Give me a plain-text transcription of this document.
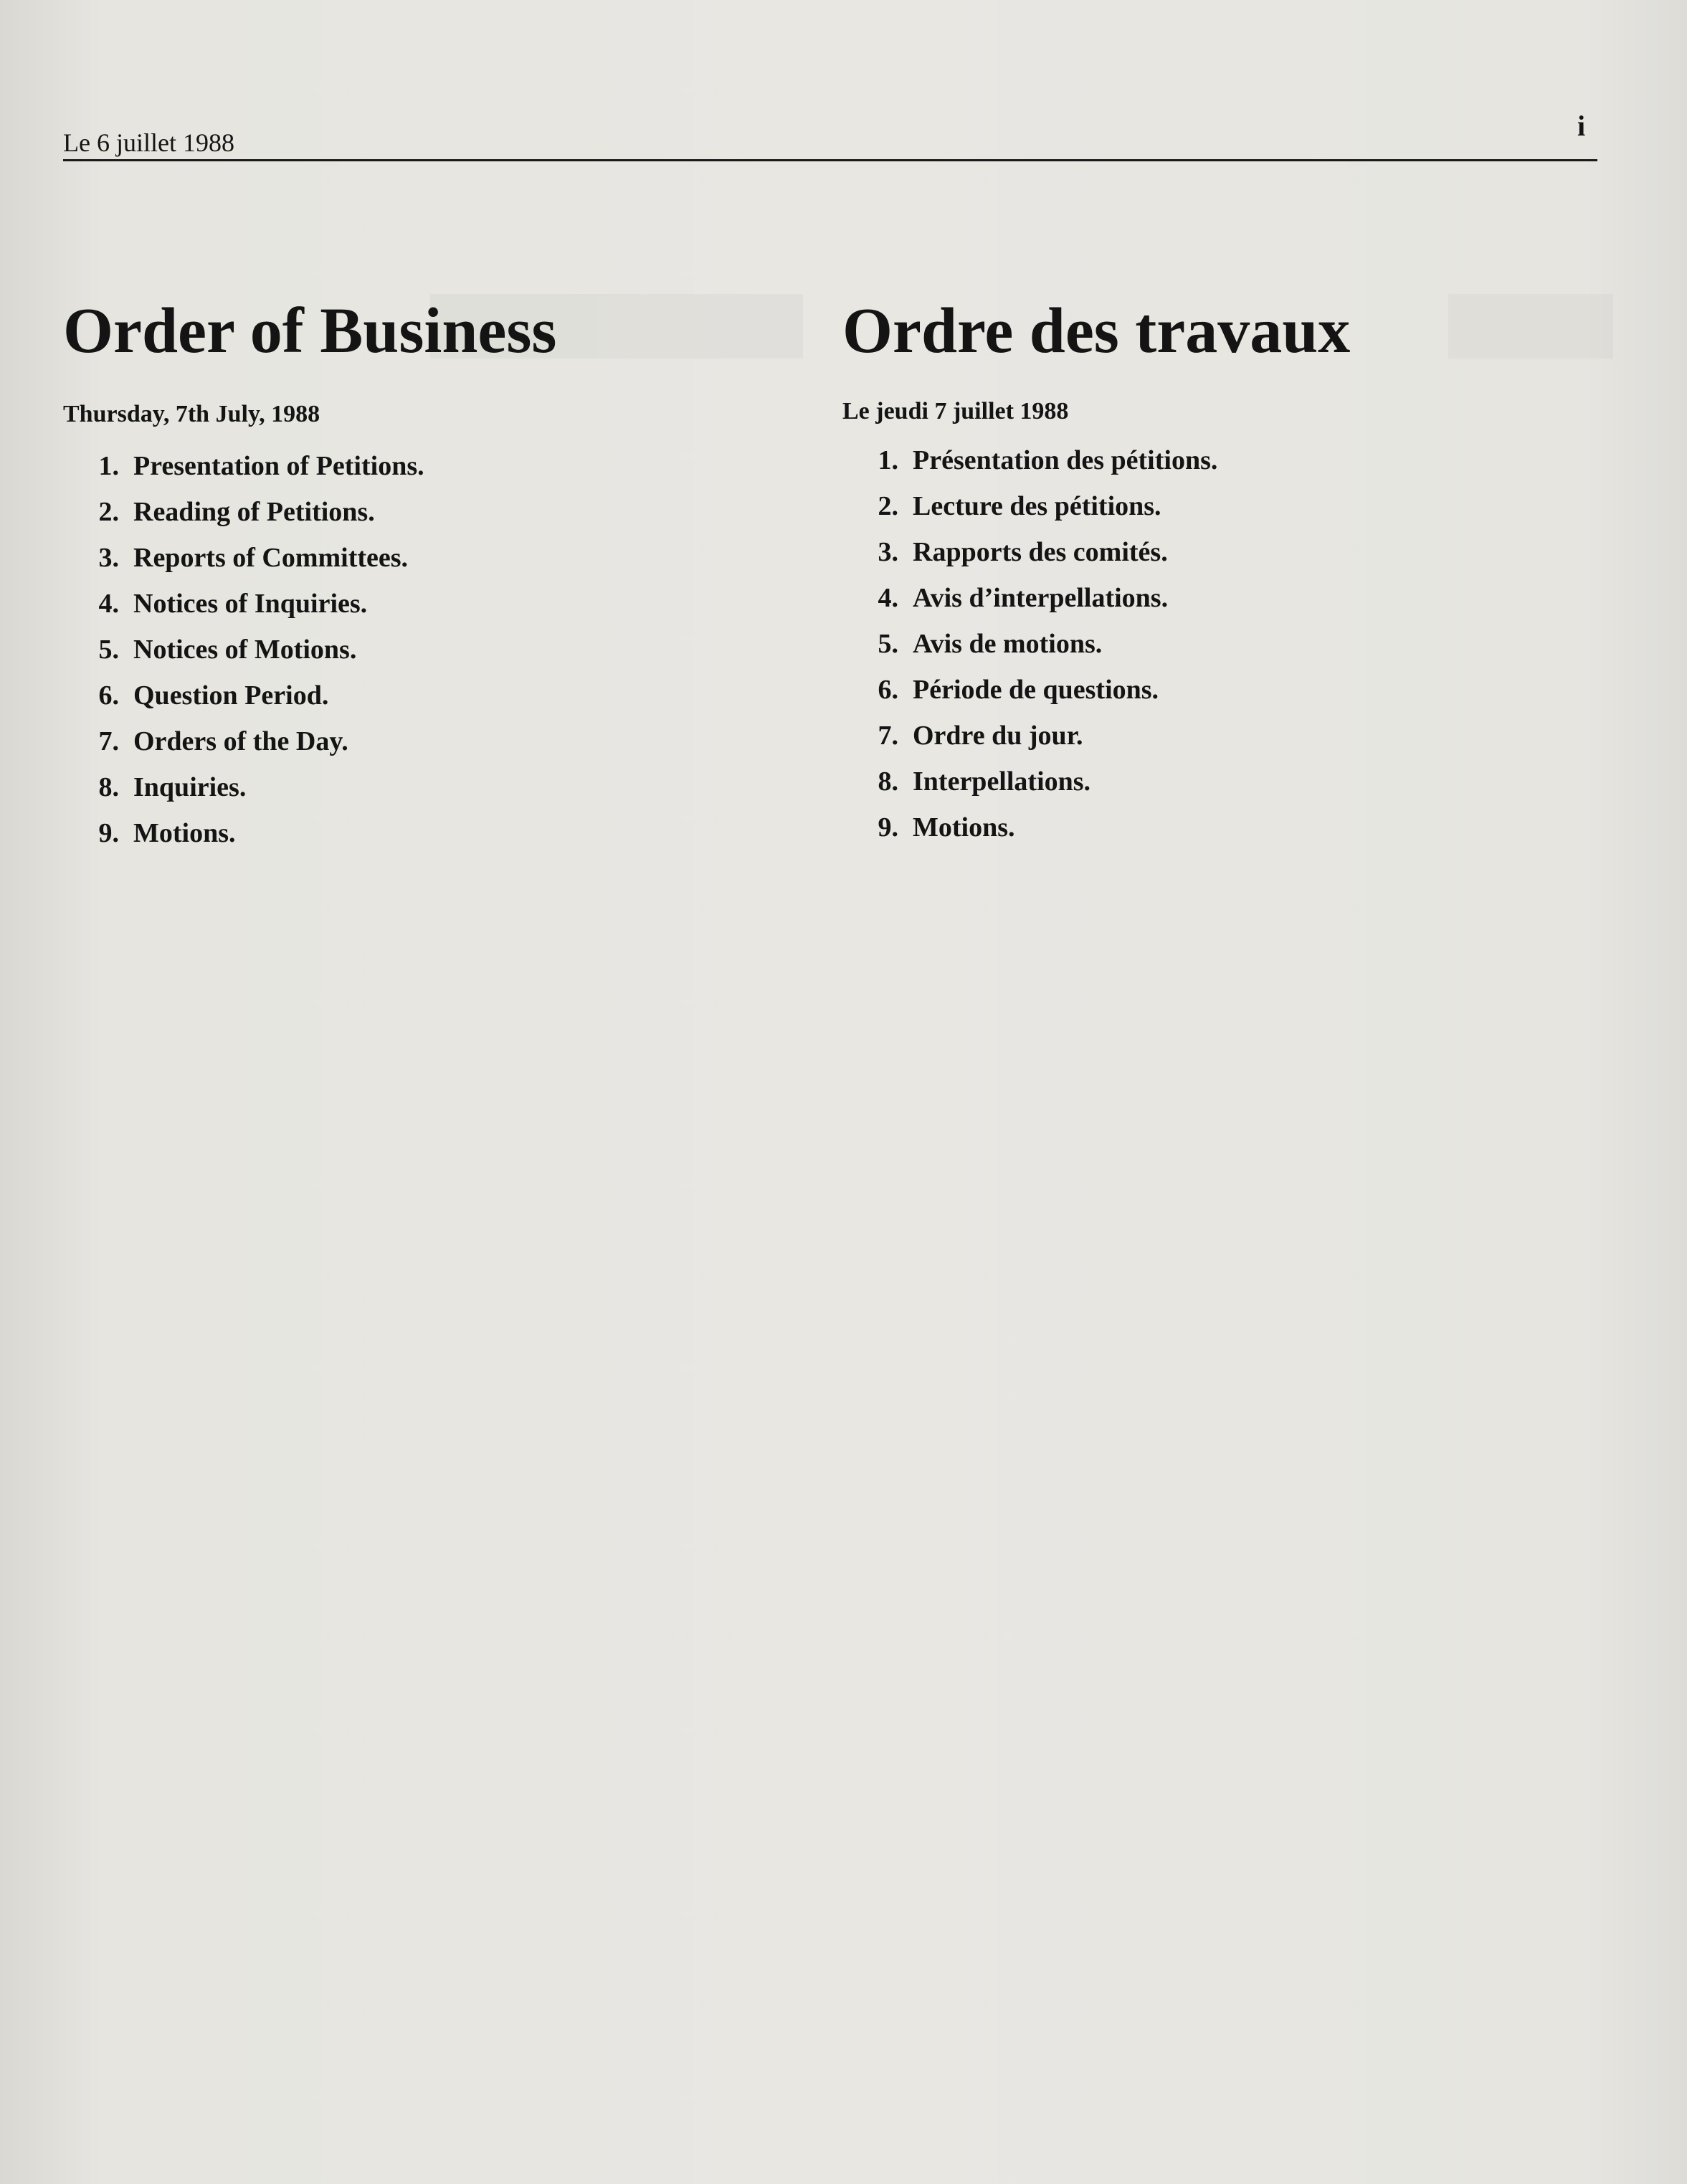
Le 6 juillet 1988
i
Order of Business
Thursday, 7th July, 1988
1. Presentation of Petitions.
2. Reading of Petitions.
3. Reports of Committees.
4. Notices of Inquiries.
5. Notices of Motions.
6. Question Period.
7. Orders of the Day.
8. Inquiries.
9. Motions.
Ordre des travaux
Le jeudi 7 juillet 1988
1. Présentation des pétitions.
2. Lecture des pétitions.
3. Rapports des comités.
4. Avis d’interpellations.
5. Avis de motions.
6. Période de questions.
7. Ordre du jour.
8. Interpellations.
9. Motions.
